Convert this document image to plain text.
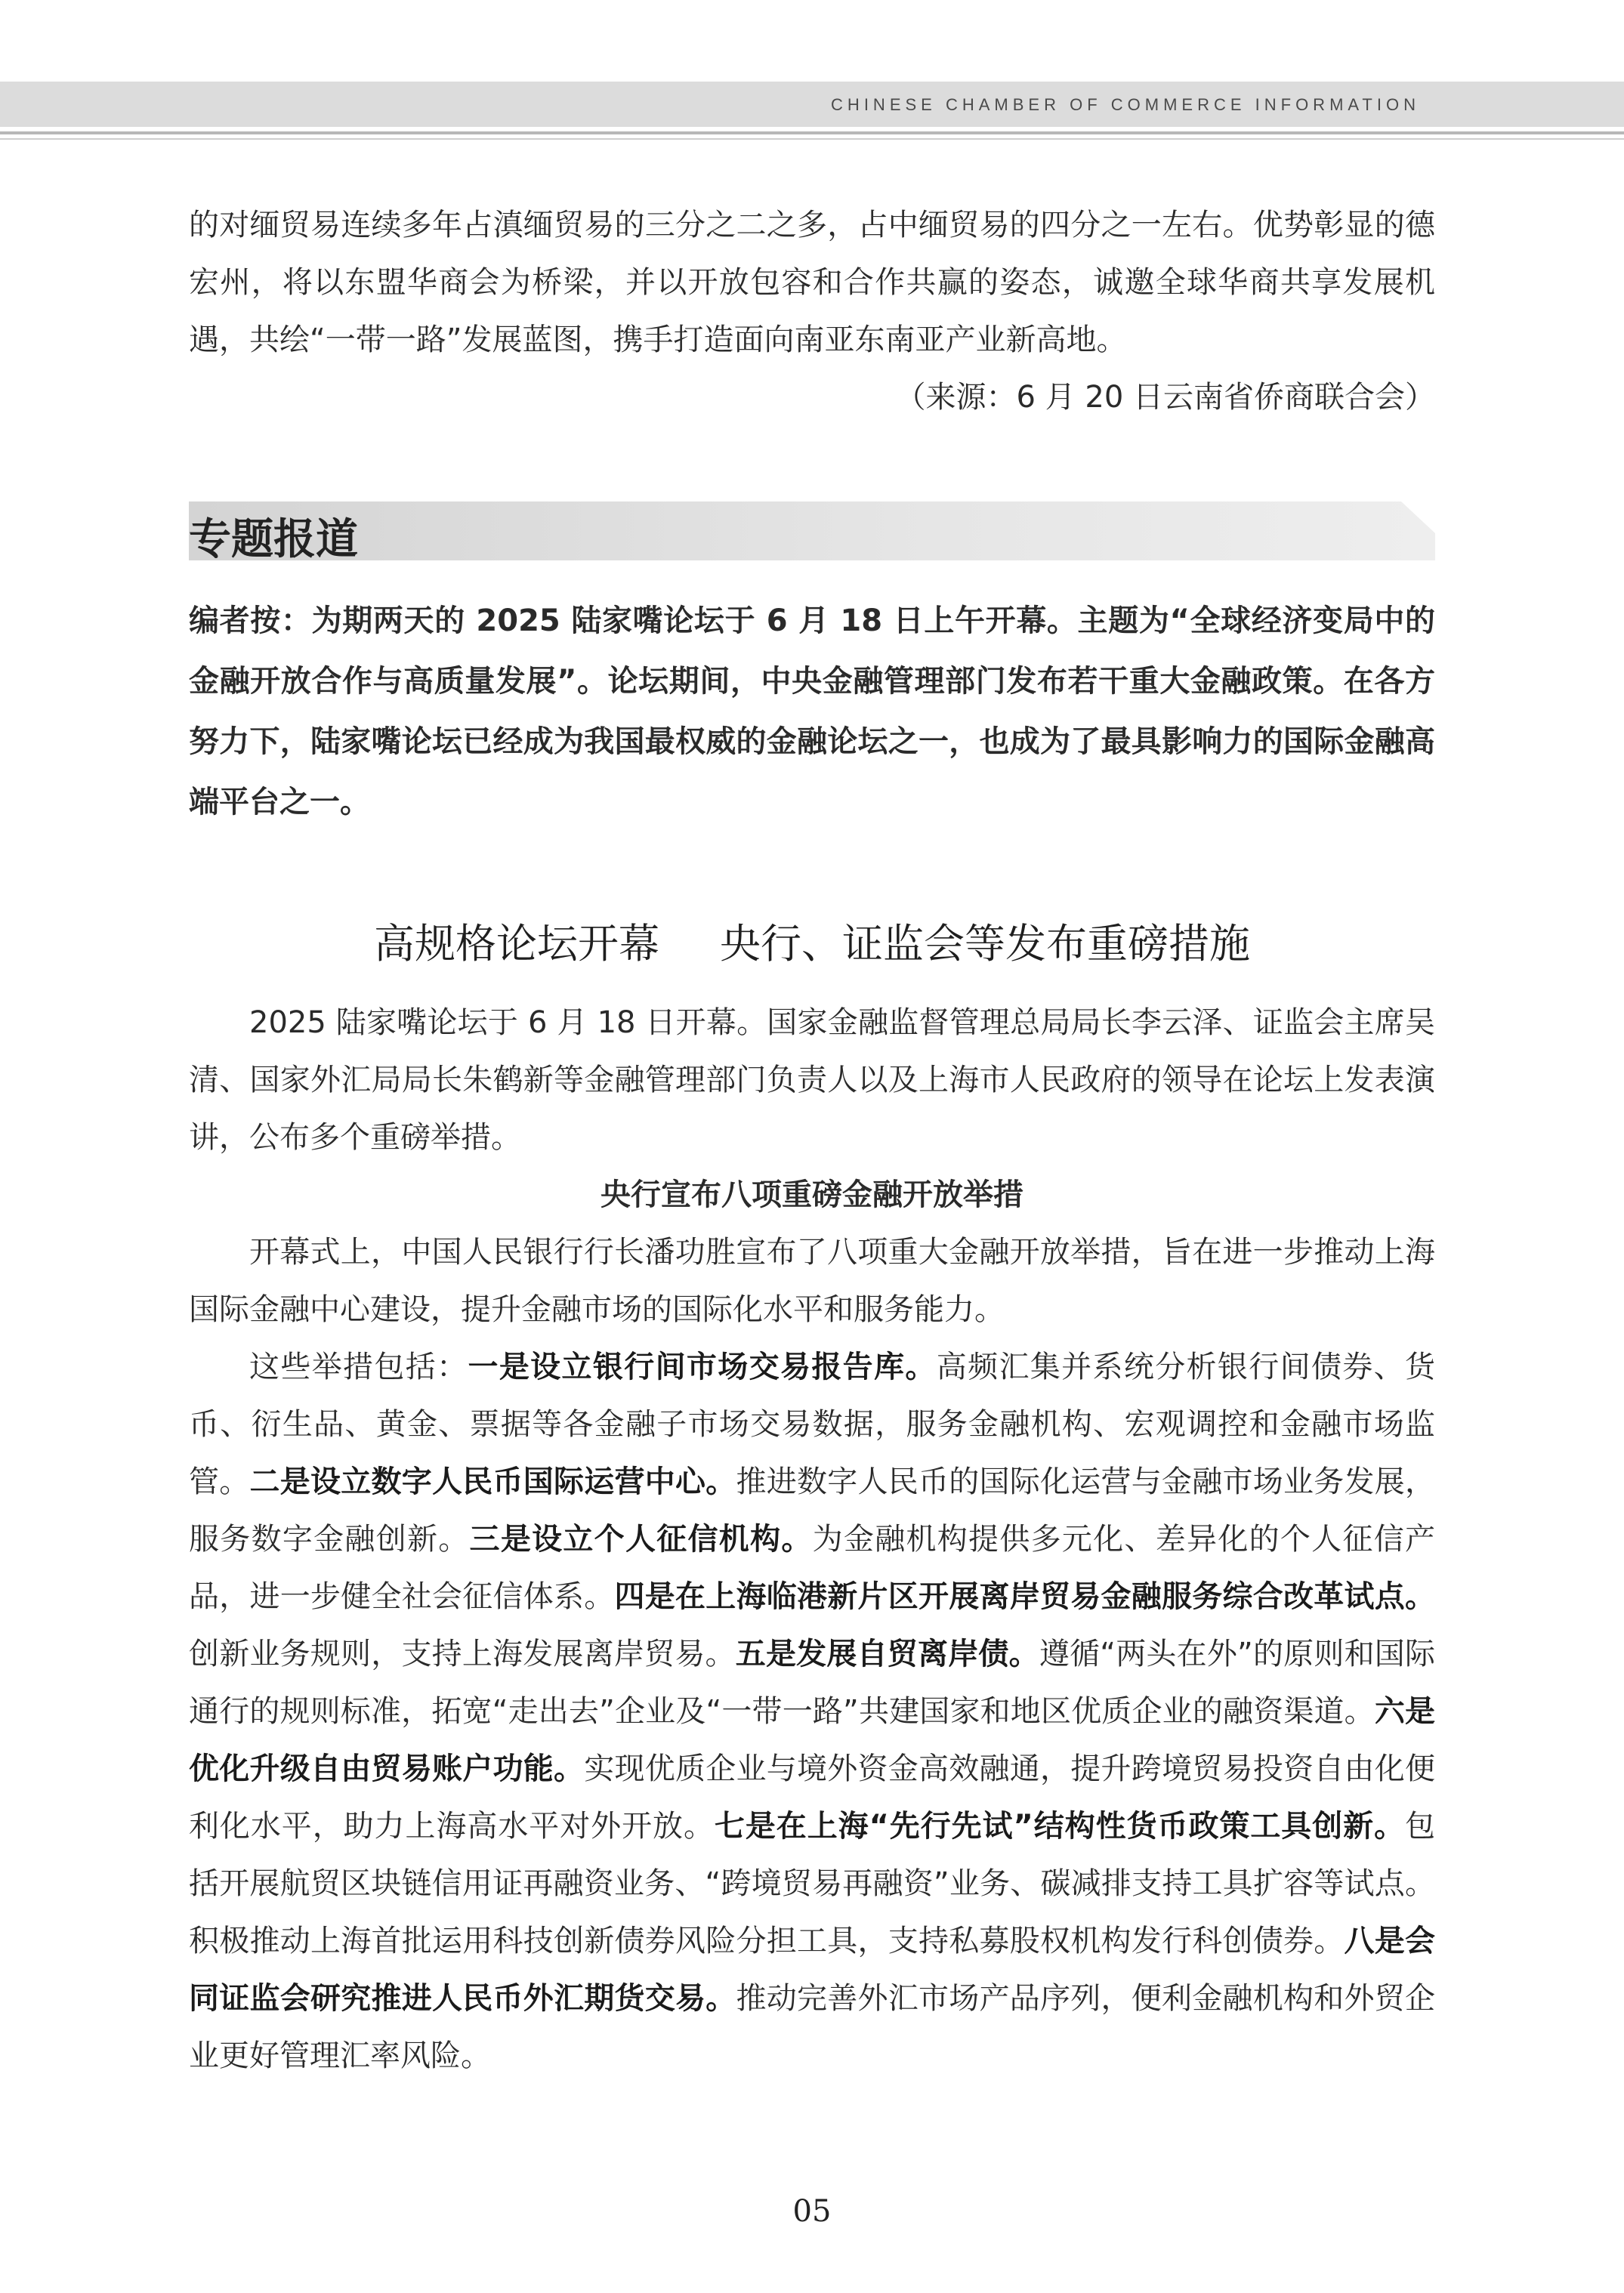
CHINESE CHAMBER OF COMMERCE INFORMATION

的对缅贸易连续多年占滇缅贸易的三分之二之多，占中缅贸易的四分之一左右。优势彰显的德宏州，将以东盟华商会为桥梁，并以开放包容和合作共赢的姿态，诚邀全球华商共享发展机遇，共绘“一带一路”发展蓝图，携手打造面向南亚东南亚产业新高地。

（来源：6 月 20 日云南省侨商联合会）

专题报道

编者按：为期两天的 2025 陆家嘴论坛于 6 月 18 日上午开幕。主题为“全球经济变局中的金融开放合作与高质量发展”。论坛期间，中央金融管理部门发布若干重大金融政策。在各方努力下，陆家嘴论坛已经成为我国最权威的金融论坛之一，也成为了最具影响力的国际金融高端平台之一。

高规格论坛开幕 央行、证监会等发布重磅措施

2025 陆家嘴论坛于 6 月 18 日开幕。国家金融监督管理总局局长李云泽、证监会主席吴清、国家外汇局局长朱鹤新等金融管理部门负责人以及上海市人民政府的领导在论坛上发表演讲，公布多个重磅举措。

央行宣布八项重磅金融开放举措

开幕式上，中国人民银行行长潘功胜宣布了八项重大金融开放举措，旨在进一步推动上海国际金融中心建设，提升金融市场的国际化水平和服务能力。

这些举措包括：一是设立银行间市场交易报告库。高频汇集并系统分析银行间债券、货币、衍生品、黄金、票据等各金融子市场交易数据，服务金融机构、宏观调控和金融市场监管。二是设立数字人民币国际运营中心。推进数字人民币的国际化运营与金融市场业务发展，服务数字金融创新。三是设立个人征信机构。为金融机构提供多元化、差异化的个人征信产品，进一步健全社会征信体系。四是在上海临港新片区开展离岸贸易金融服务综合改革试点。创新业务规则，支持上海发展离岸贸易。五是发展自贸离岸债。遵循“两头在外”的原则和国际通行的规则标准，拓宽“走出去”企业及“一带一路”共建国家和地区优质企业的融资渠道。六是优化升级自由贸易账户功能。实现优质企业与境外资金高效融通，提升跨境贸易投资自由化便利化水平，助力上海高水平对外开放。七是在上海“先行先试”结构性货币政策工具创新。包括开展航贸区块链信用证再融资业务、“跨境贸易再融资”业务、碳减排支持工具扩容等试点。积极推动上海首批运用科技创新债券风险分担工具，支持私募股权机构发行科创债券。八是会同证监会研究推进人民币外汇期货交易。推动完善外汇市场产品序列，便利金融机构和外贸企业更好管理汇率风险。

05
